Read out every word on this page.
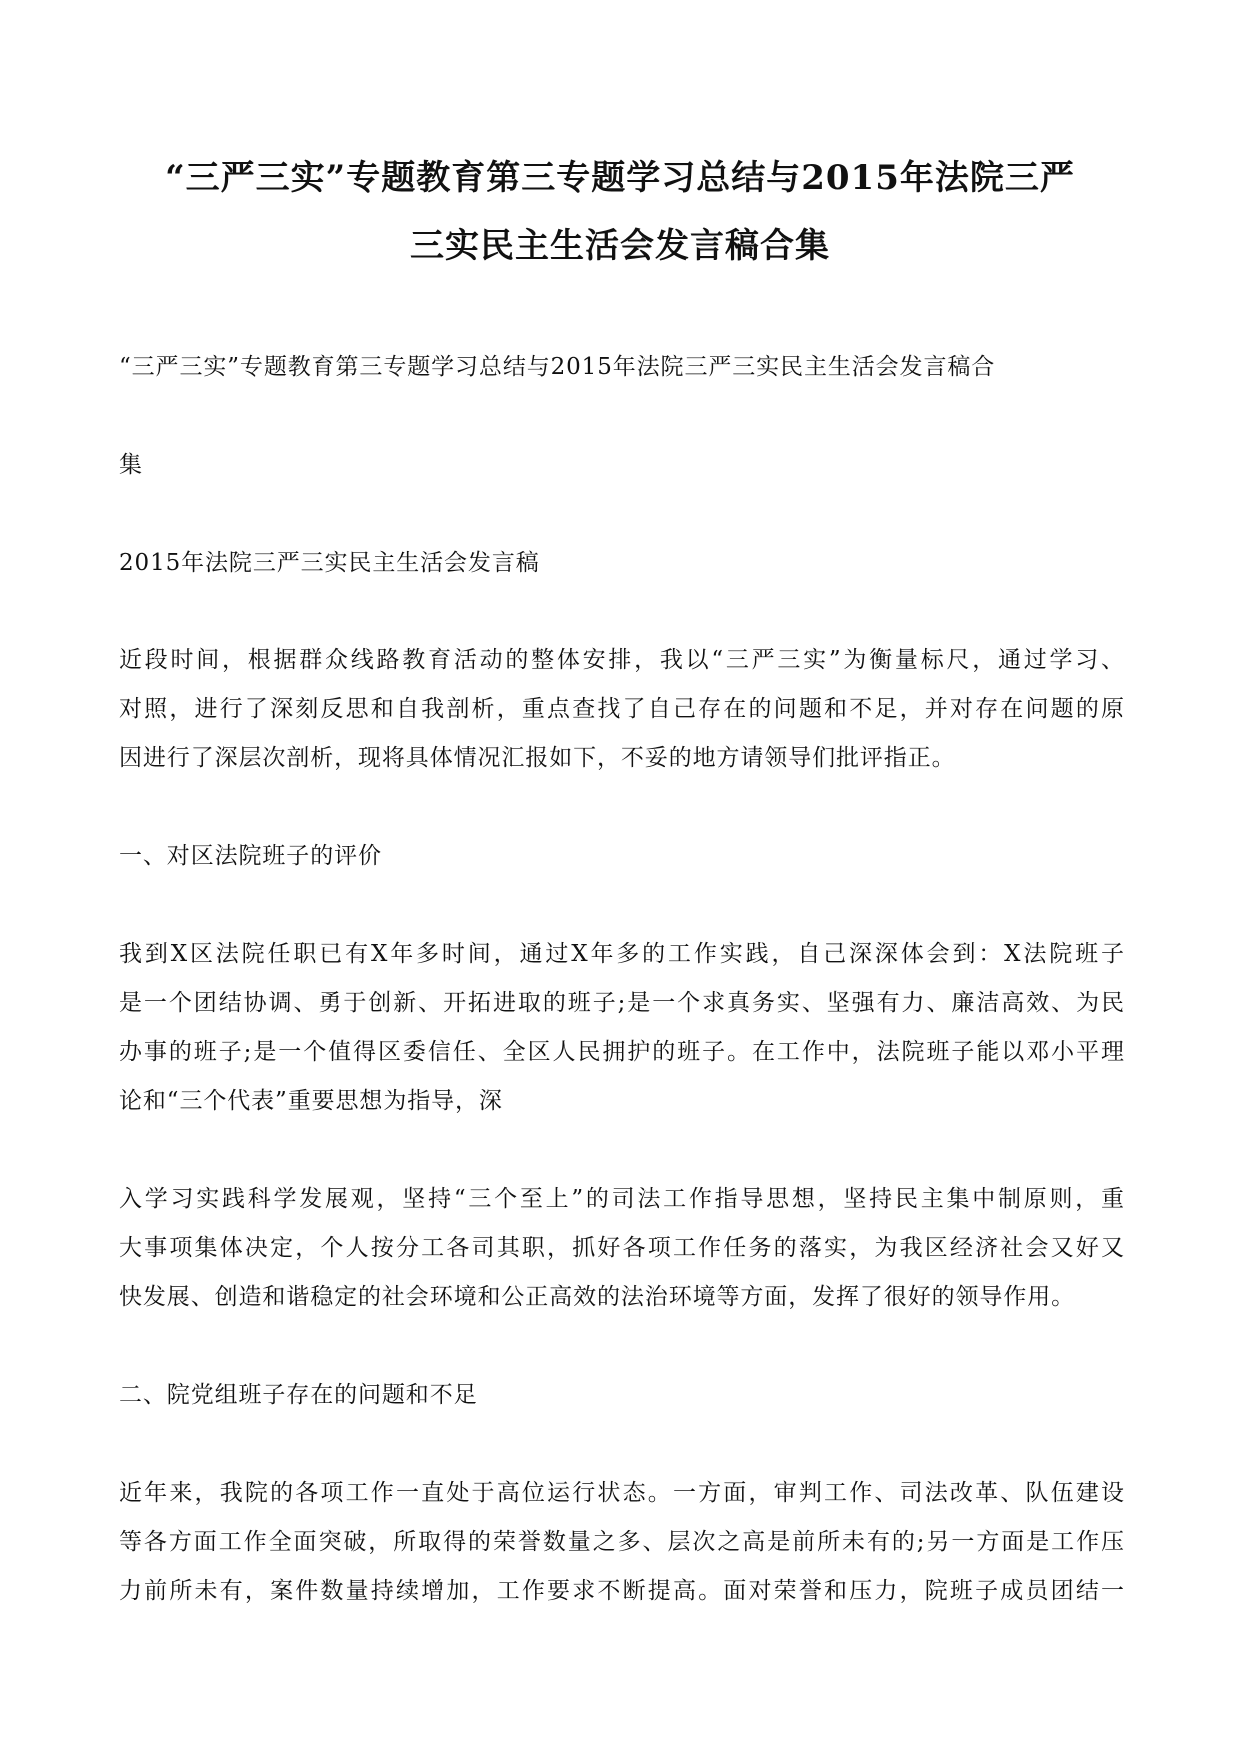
“三严三实”专题教育第三专题学习总结与2015年法院三严
三实民主生活会发言稿合集
“三严三实”专题教育第三专题学习总结与2015年法院三严三实民主生活会发言稿合
集
2015年法院三严三实民主生活会发言稿
近段时间，根据群众线路教育活动的整体安排，我以“三严三实”为衡量标尺，通过学习、
对照，进行了深刻反思和自我剖析，重点查找了自己存在的问题和不足，并对存在问题的原
因进行了深层次剖析，现将具体情况汇报如下，不妥的地方请领导们批评指正。
一、对区法院班子的评价
我到X区法院任职已有X年多时间，通过X年多的工作实践，自己深深体会到：X法院班子
是一个团结协调、勇于创新、开拓进取的班子;是一个求真务实、坚强有力、廉洁高效、为民
办事的班子;是一个值得区委信任、全区人民拥护的班子。在工作中，法院班子能以邓小平理
论和“三个代表”重要思想为指导，深
入学习实践科学发展观，坚持“三个至上”的司法工作指导思想，坚持民主集中制原则，重
大事项集体决定，个人按分工各司其职，抓好各项工作任务的落实，为我区经济社会又好又
快发展、创造和谐稳定的社会环境和公正高效的法治环境等方面，发挥了很好的领导作用。
二、院党组班子存在的问题和不足
近年来，我院的各项工作一直处于高位运行状态。一方面，审判工作、司法改革、队伍建设
等各方面工作全面突破，所取得的荣誉数量之多、层次之高是前所未有的;另一方面是工作压
力前所未有，案件数量持续增加，工作要求不断提高。面对荣誉和压力，院班子成员团结一
